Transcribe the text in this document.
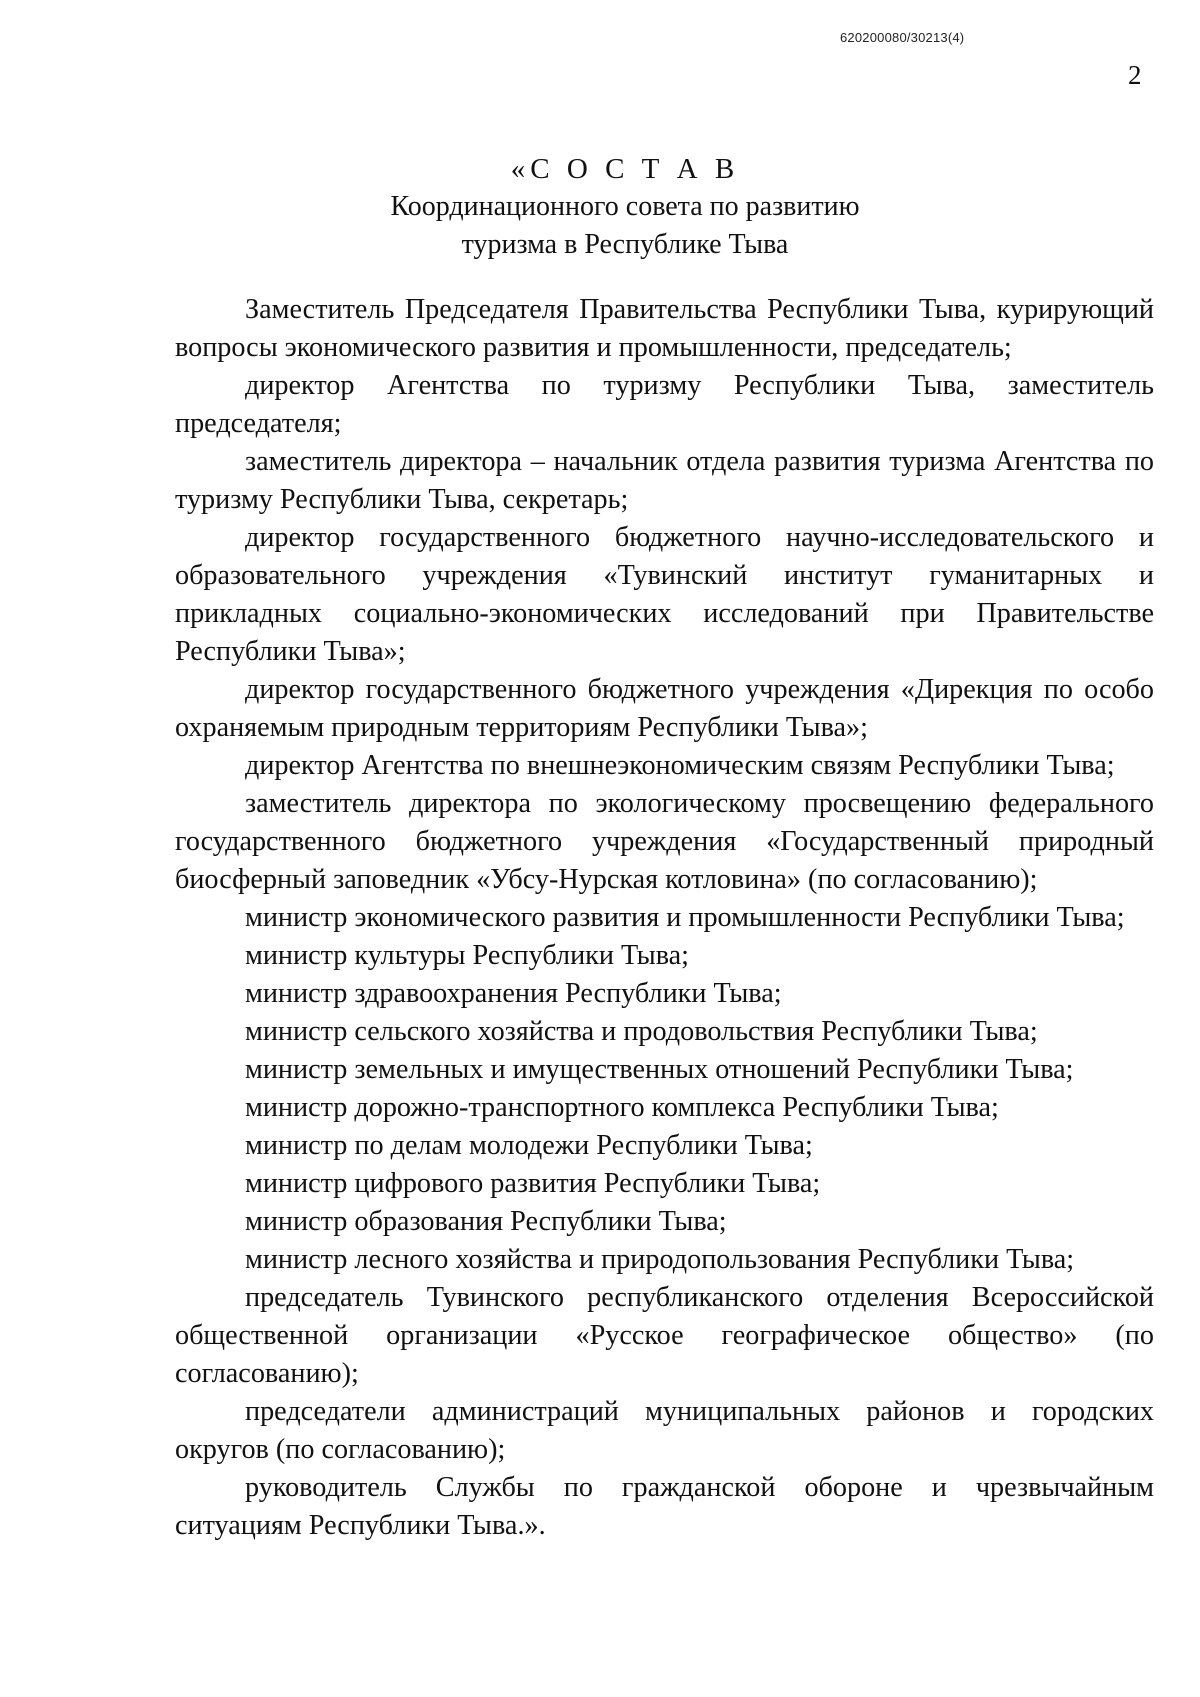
620200080/30213(4)
2
«С О С Т А В
Координационного совета по развитию
туризма в Республике Тыва

Заместитель Председателя Правительства Республики Тыва, курирующий вопросы экономического развития и промышленности, председатель;

директор Агентства по туризму Республики Тыва, заместитель председателя;

заместитель директора – начальник отдела развития туризма Агентства по туризму Республики Тыва, секретарь;

директор государственного бюджетного научно-исследовательского и образовательного учреждения «Тувинский институт гуманитарных и прикладных социально-экономических исследований при Правительстве Республики Тыва»;

директор государственного бюджетного учреждения «Дирекция по особо охраняемым природным территориям Республики Тыва»;

директор Агентства по внешнеэкономическим связям Республики Тыва;

заместитель директора по экологическому просвещению федерального государственного бюджетного учреждения «Государственный природный биосферный заповедник «Убсу-Нурская котловина» (по согласованию);

министр экономического развития и промышленности Республики Тыва;

министр культуры Республики Тыва;

министр здравоохранения Республики Тыва;

министр сельского хозяйства и продовольствия Республики Тыва;

министр земельных и имущественных отношений Республики Тыва;

министр дорожно-транспортного комплекса Республики Тыва;

министр по делам молодежи Республики Тыва;

министр цифрового развития Республики Тыва;

министр образования Республики Тыва;

министр лесного хозяйства и природопользования Республики Тыва;

председатель Тувинского республиканского отделения Всероссийской общественной организации «Русское географическое общество» (по согласованию);

председатели администраций муниципальных районов и городских округов (по согласованию);

руководитель Службы по гражданской обороне и чрезвычайным ситуациям Республики Тыва.».
